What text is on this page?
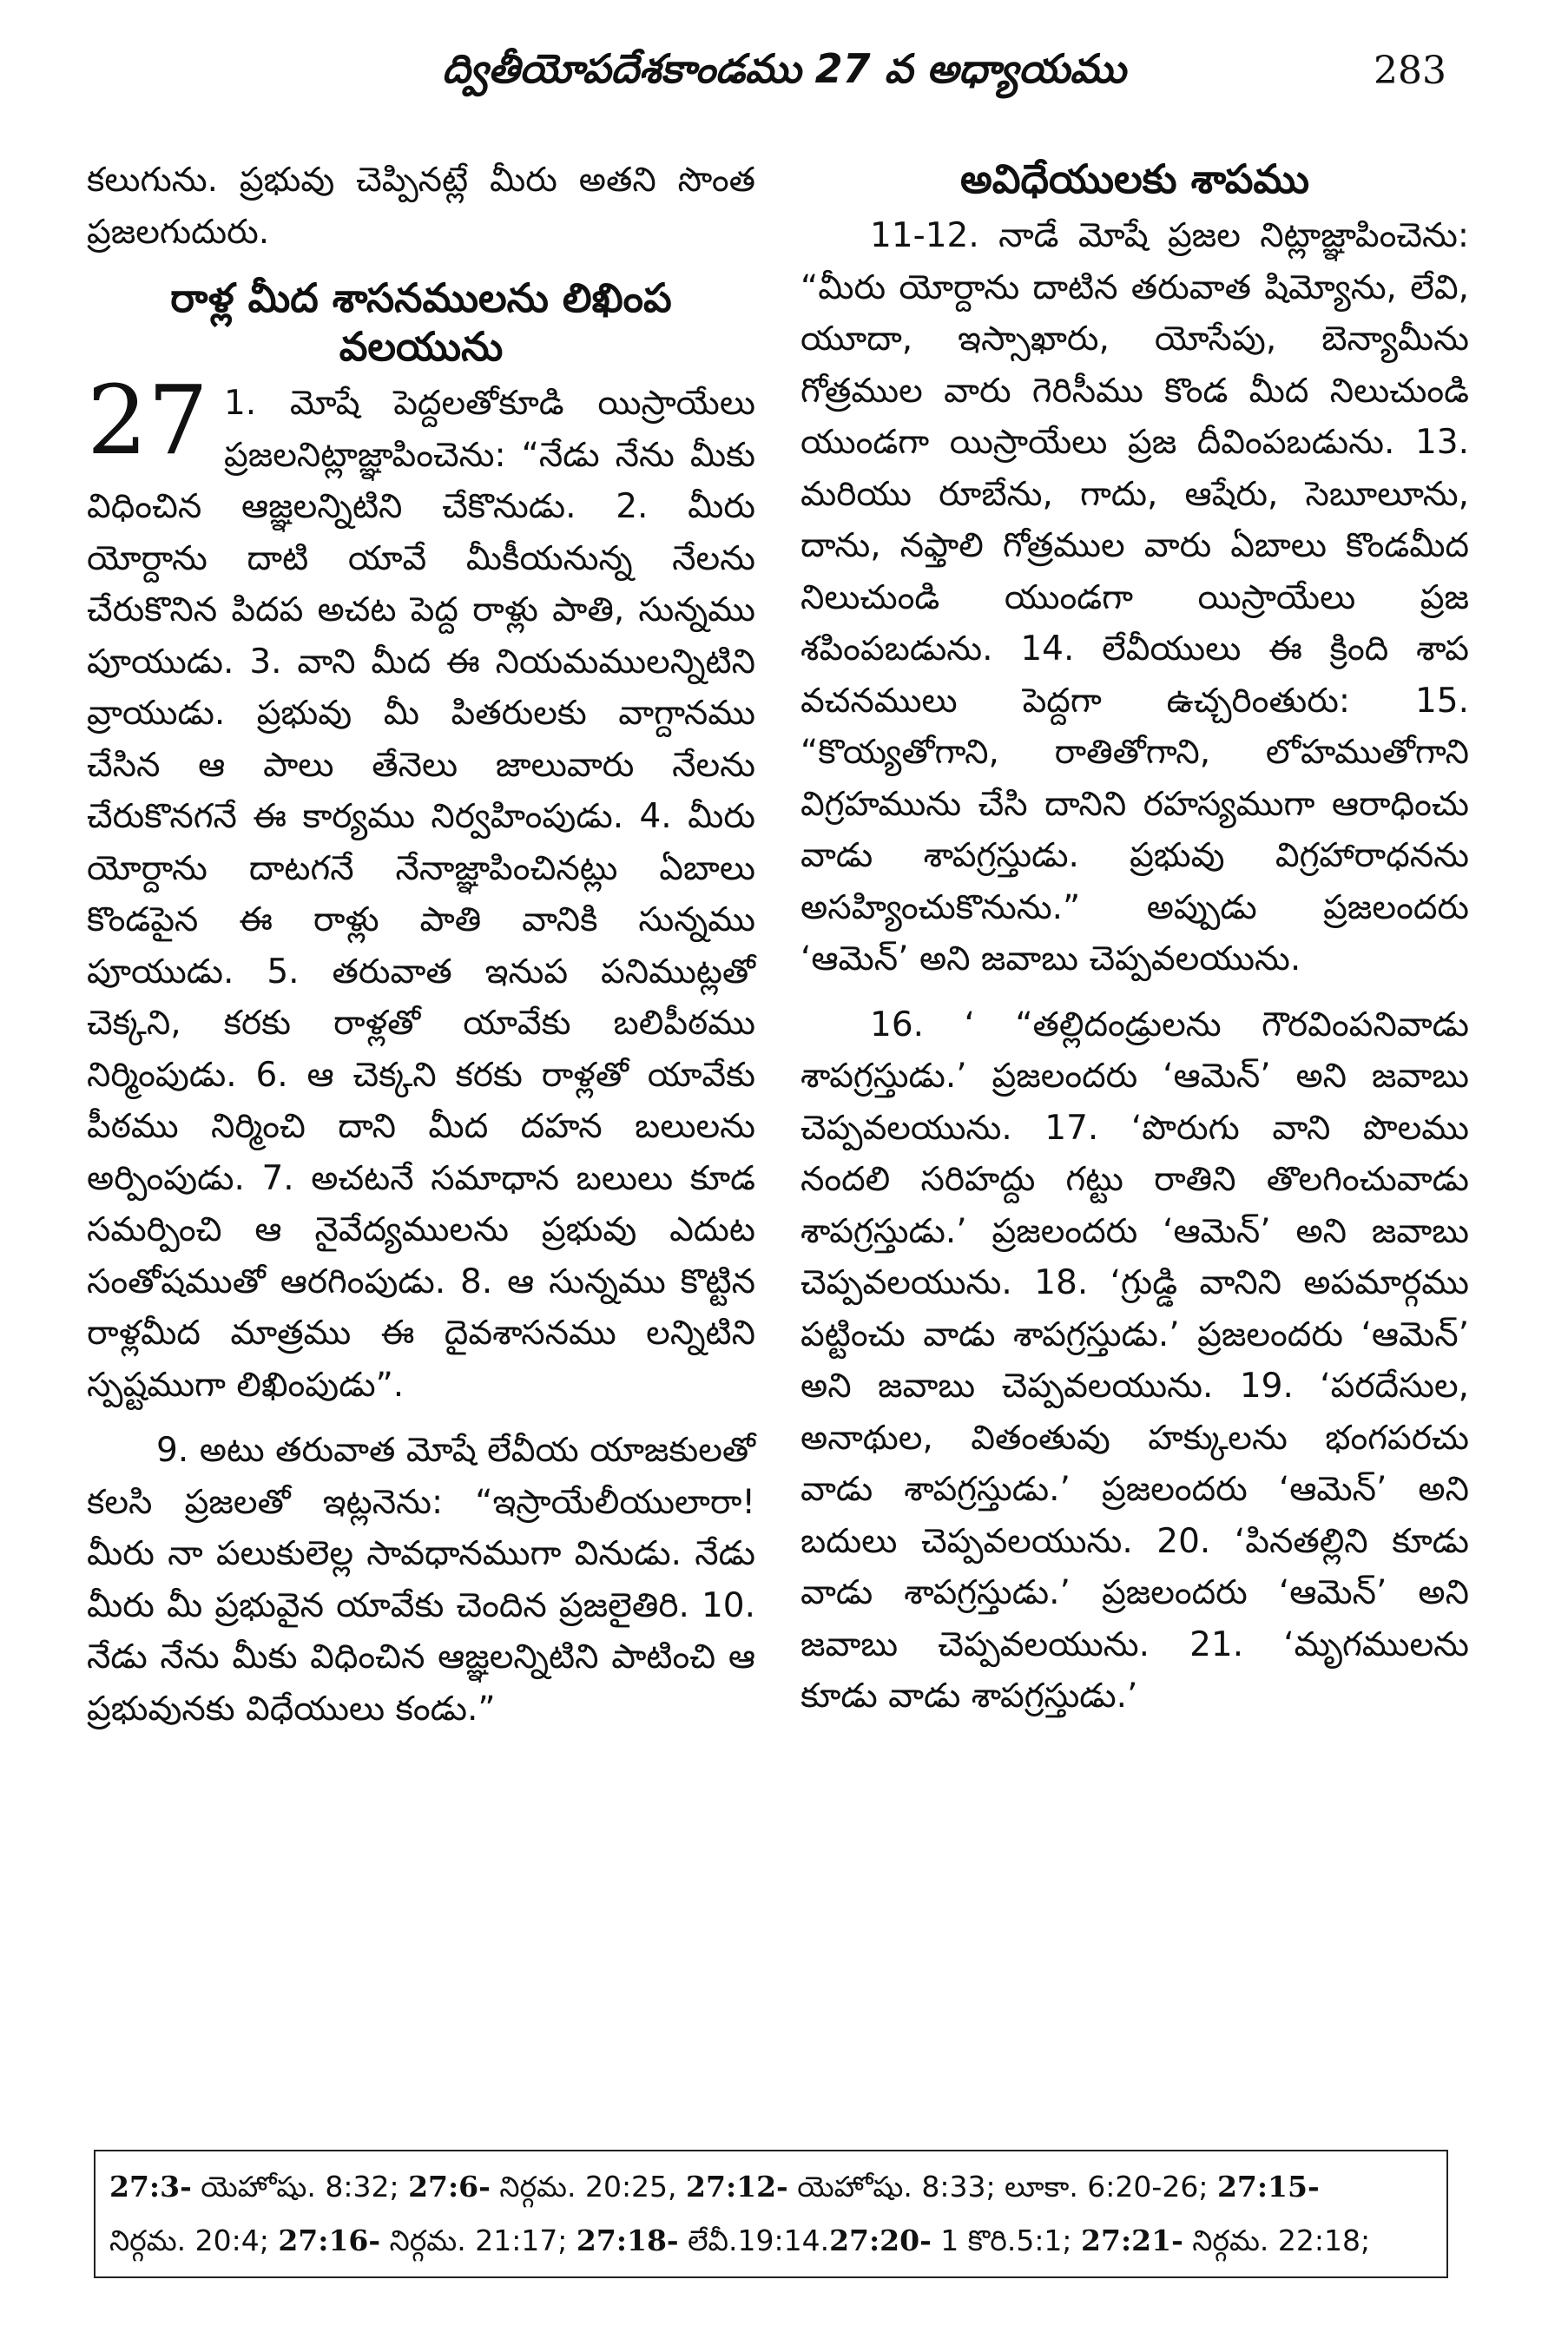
ద్వితీయోపదేశకాండము 27 వ అధ్యాయము	283

కలుగును. ప్రభువు చెప్పినట్లే మీరు అతని సొంత ప్రజలగుదురు.

రాళ్ల మీద శాసనములను లిఖింప వలయును
27 1. మోషే పెద్దలతోకూడి యిస్రాయేలు ప్రజలనిట్లాజ్ఞాపించెను: “నేడు నేను మీకు విధించిన ఆజ్ఞలన్నిటిని చేకొనుడు. 2. మీరు యోర్దాను దాటి యావే మీకీయనున్న నేలను చేరుకొనిన పిదప అచట పెద్ద రాళ్లు పాతి, సున్నము పూయుడు. 3. వాని మీద ఈ నియమములన్నిటిని వ్రాయుడు. ప్రభువు మీ పితరులకు వాగ్దానము చేసిన ఆ పాలు తేనెలు జాలువారు నేలను చేరుకొనగనే ఈ కార్యము నిర్వహింపుడు. 4. మీరు యోర్దాను దాటగనే నేనాజ్ఞాపించినట్లు ఏబాలు కొండపైన ఈ రాళ్లు పాతి వానికి సున్నము పూయుడు. 5. తరువాత ఇనుప పనిముట్లతో చెక్కని, కరకు రాళ్లతో యావేకు బలిపీఠము నిర్మింపుడు. 6. ఆ చెక్కని కరకు రాళ్లతో యావేకు పీఠము నిర్మించి దాని మీద దహన బలులను అర్పింపుడు. 7. అచటనే సమాధాన బలులు కూడ సమర్పించి ఆ నైవేద్యములను ప్రభువు ఎదుట సంతోషముతో ఆరగింపుడు. 8. ఆ సున్నము కొట్టిన రాళ్లమీద మాత్రము ఈ దైవశాసనము లన్నిటిని స్పష్టముగా లిఖింపుడు”.

9. అటు తరువాత మోషే లేవీయ యాజకులతో కలసి ప్రజలతో ఇట్లనెను: “ఇస్రాయేలీయులారా! మీరు నా పలుకులెల్ల సావధానముగా వినుడు. నేడు మీరు మీ ప్రభువైన యావేకు చెందిన ప్రజలైతిరి. 10. నేడు నేను మీకు విధించిన ఆజ్ఞలన్నిటిని పాటించి ఆ ప్రభువునకు విధేయులు కండు.”

అవిధేయులకు శాపము

11-12. నాడే మోషే ప్రజల నిట్లాజ్ఞాపించెను: “మీరు యోర్దాను దాటిన తరువాత షిమ్యోను, లేవి, యూదా, ఇస్సాఖారు, యోసేపు, బెన్యామీను గోత్రముల వారు గెరిసీము కొండ మీద నిలుచుండి యుండగా యిస్రాయేలు ప్రజ దీవింపబడును. 13. మరియు రూబేను, గాదు, ఆషేరు, సెబూలూను, దాను, నఫ్తాలి గోత్రముల వారు ఏబాలు కొండమీద నిలుచుండి యుండగా యిస్రాయేలు ప్రజ శపింపబడును. 14. లేవీయులు ఈ క్రింది శాప వచనములు పెద్దగా ఉచ్చరింతురు: 15. “కొయ్యతోగాని, రాతితోగాని, లోహముతోగాని విగ్రహమును చేసి దానిని రహస్యముగా ఆరాధించు వాడు శాపగ్రస్తుడు. ప్రభువు విగ్రహారాధనను అసహ్యించుకొనును.” అప్పుడు ప్రజలందరు ‘ఆమెన్’ అని జవాబు చెప్పవలయును.

16. ‘ “తల్లిదండ్రులను గౌరవింపనివాడు శాపగ్రస్తుడు.’ ప్రజలందరు ‘ఆమెన్’ అని జవాబు చెప్పవలయును. 17. ‘పొరుగు వాని పొలము నందలి సరిహద్దు గట్టు రాతిని తొలగించువాడు శాపగ్రస్తుడు.’ ప్రజలందరు ‘ఆమెన్’ అని జవాబు చెప్పవలయును. 18. ‘గ్రుడ్డి వానిని అపమార్గము పట్టించు వాడు శాపగ్రస్తుడు.’ ప్రజలందరు ‘ఆమెన్’ అని జవాబు చెప్పవలయును. 19. ‘పరదేసుల, అనాథుల, వితంతువు హక్కులను భంగపరచు వాడు శాపగ్రస్తుడు.’ ప్రజలందరు ‘ఆమెన్’ అని బదులు చెప్పవలయును. 20. ‘పినతల్లిని కూడు వాడు శాపగ్రస్తుడు.’ ప్రజలందరు ‘ఆమెన్’ అని జవాబు చెప్పవలయును. 21. ‘మృగములను కూడు వాడు శాపగ్రస్తుడు.’

27:3- యెహోషు. 8:32; 27:6- నిర్గమ. 20:25, 27:12- యెహోషు. 8:33; లూకా. 6:20-26; 27:15-
నిర్గమ. 20:4; 27:16- నిర్గమ. 21:17; 27:18- లేవీ.19:14.27:20- 1 కొరి.5:1; 27:21- నిర్గమ. 22:18;
